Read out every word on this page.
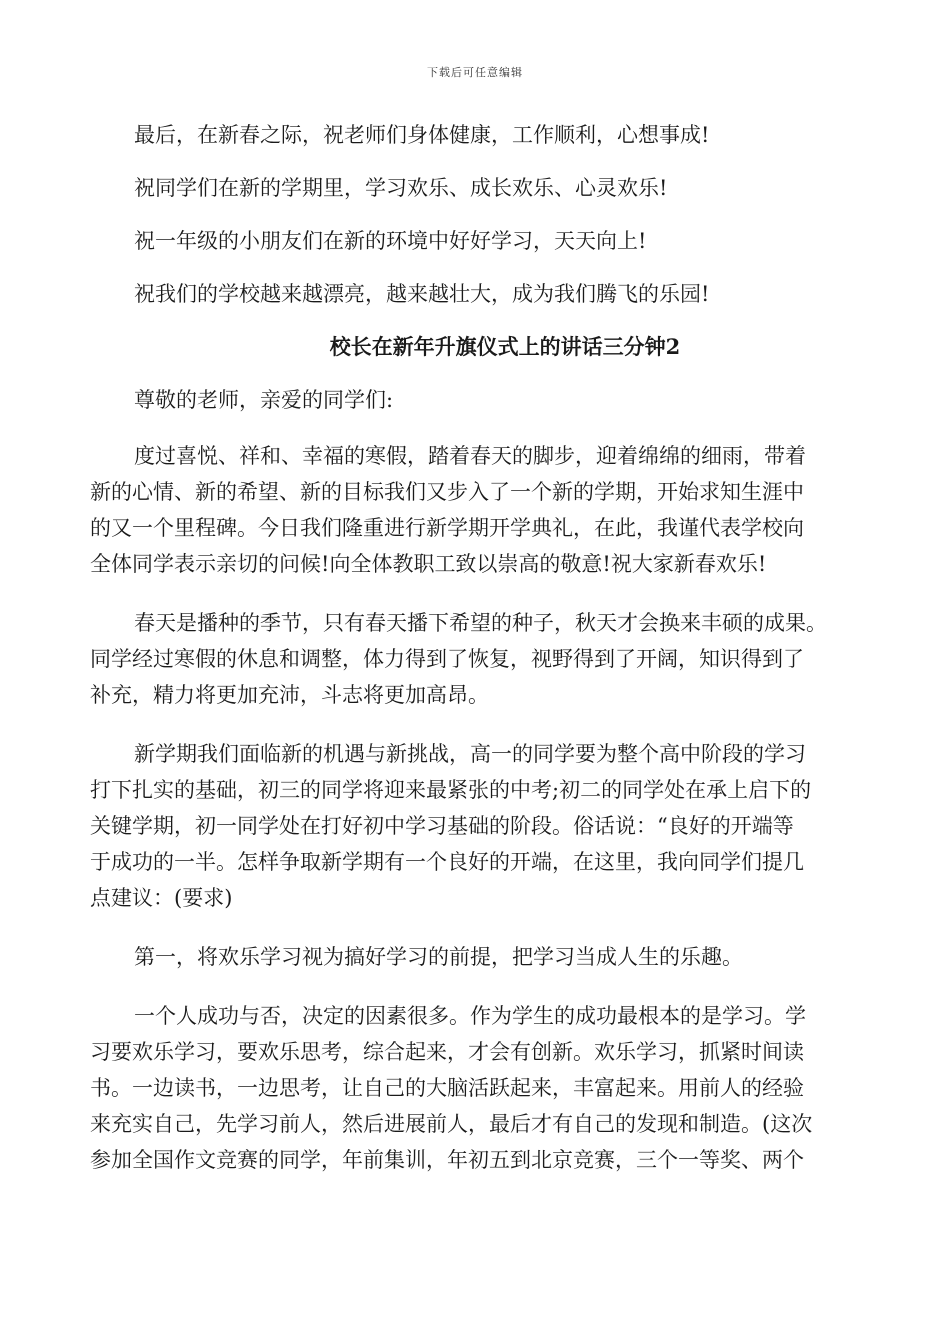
下载后可任意编辑

最后，在新春之际，祝老师们身体健康，工作顺利，心想事成!

祝同学们在新的学期里，学习欢乐、成长欢乐、心灵欢乐!

祝一年级的小朋友们在新的环境中好好学习，天天向上!

祝我们的学校越来越漂亮，越来越壮大，成为我们腾飞的乐园!

校长在新年升旗仪式上的讲话三分钟2

尊敬的老师，亲爱的同学们:

度过喜悦、祥和、幸福的寒假，踏着春天的脚步，迎着绵绵的细雨，带着

新的心情、新的希望、新的目标我们又步入了一个新的学期，开始求知生涯中

的又一个里程碑。今日我们隆重进行新学期开学典礼，在此，我谨代表学校向

全体同学表示亲切的问候!向全体教职工致以崇高的敬意!祝大家新春欢乐!

春天是播种的季节，只有春天播下希望的种子，秋天才会换来丰硕的成果。

同学经过寒假的休息和调整，体力得到了恢复，视野得到了开阔，知识得到了

补充，精力将更加充沛，斗志将更加高昂。

新学期我们面临新的机遇与新挑战，高一的同学要为整个高中阶段的学习

打下扎实的基础，初三的同学将迎来最紧张的中考;初二的同学处在承上启下的

关键学期，初一同学处在打好初中学习基础的阶段。俗话说：“良好的开端等

于成功的一半。怎样争取新学期有一个良好的开端，在这里，我向同学们提几

点建议：(要求)

第一，将欢乐学习视为搞好学习的前提，把学习当成人生的乐趣。

一个人成功与否，决定的因素很多。作为学生的成功最根本的是学习。学

习要欢乐学习，要欢乐思考，综合起来，才会有创新。欢乐学习，抓紧时间读

书。一边读书，一边思考，让自己的大脑活跃起来，丰富起来。用前人的经验

来充实自己，先学习前人，然后进展前人，最后才有自己的发现和制造。(这次

参加全国作文竞赛的同学，年前集训，年初五到北京竞赛，三个一等奖、两个
